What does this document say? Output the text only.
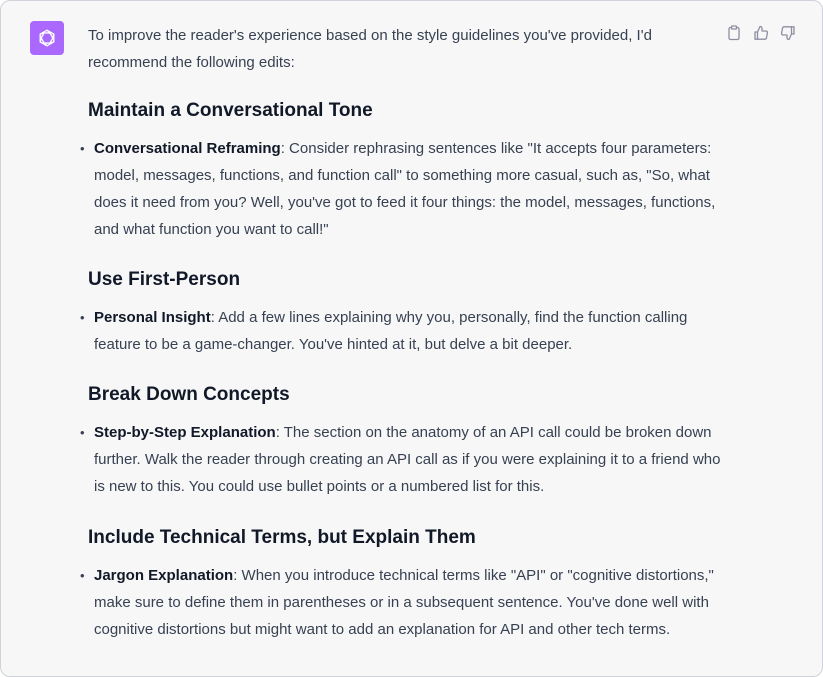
To improve the reader's experience based on the style guidelines you've provided, I'd recommend the following edits:

Maintain a Conversational Tone

• Conversational Reframing: Consider rephrasing sentences like "It accepts four parameters: model, messages, functions, and function call" to something more casual, such as, "So, what does it need from you? Well, you've got to feed it four things: the model, messages, functions, and what function you want to call!"

Use First-Person

• Personal Insight: Add a few lines explaining why you, personally, find the function calling feature to be a game-changer. You've hinted at it, but delve a bit deeper.

Break Down Concepts

• Step-by-Step Explanation: The section on the anatomy of an API call could be broken down further. Walk the reader through creating an API call as if you were explaining it to a friend who is new to this. You could use bullet points or a numbered list for this.

Include Technical Terms, but Explain Them

• Jargon Explanation: When you introduce technical terms like "API" or "cognitive distortions," make sure to define them in parentheses or in a subsequent sentence. You've done well with cognitive distortions but might want to add an explanation for API and other tech terms.
